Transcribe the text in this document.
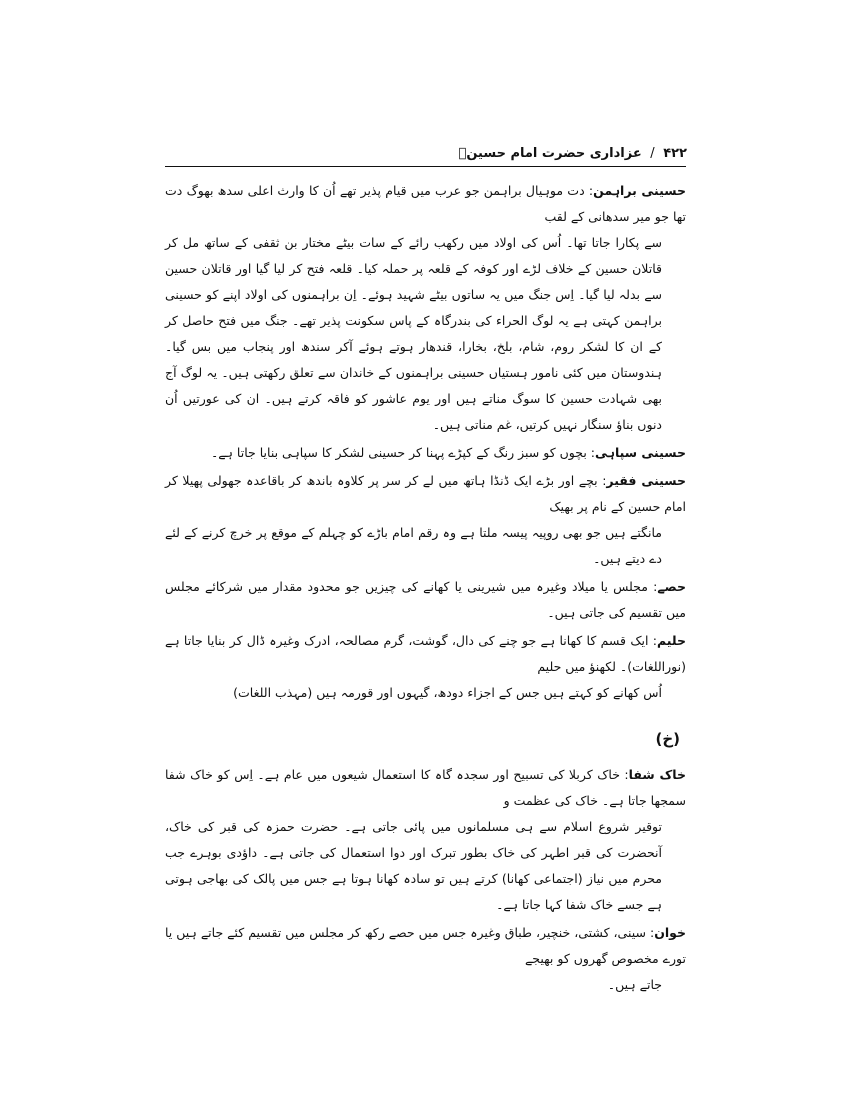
۴۲۲ / عزاداری حضرت امام حسینؑ
حسینی براہمن: دت موہیال براہمن جو عرب میں قیام پذیر تھے اُن کا وارث اعلی سدھ بھوگ دت تھا جو میر سدھانی کے لقب
سے پکارا جاتا تھا۔ اُس کی اولاد میں رکھب رائے کے سات بیٹے مختار بن ثقفی کے ساتھ مل کر قاتلان حسین کے خلاف لڑے اور کوفہ کے قلعہ پر حملہ کیا۔ قلعہ فتح کر لیا گیا اور قاتلان حسین سے بدلہ لیا گیا۔ اِس جنگ میں یہ ساتوں بیٹے شہید ہوئے۔ اِن براہمنوں کی اولاد اپنے کو حسینی براہمن کہتی ہے یہ لوگ الحراء کی بندرگاہ کے پاس سکونت پذیر تھے۔ جنگ میں فتح حاصل کر کے ان کا لشکر روم، شام، بلخ، بخارا، قندھار ہوتے ہوئے آکر سندھ اور پنجاب میں بس گیا۔ ہندوستان میں کئی نامور ہستیاں حسینی براہمنوں کے خاندان سے تعلق رکھتی ہیں۔ یہ لوگ آج بھی شہادت حسین کا سوگ مناتے ہیں اور یوم عاشور کو فاقہ کرتے ہیں۔ ان کی عورتیں اُن دنوں بناؤ سنگار نہیں کرتیں، غم مناتی ہیں۔
حسینی سپاہی: بچوں کو سبز رنگ کے کپڑے پہنا کر حسینی لشکر کا سپاہی بنایا جاتا ہے۔
حسینی فقیر: بچے اور بڑے ایک ڈنڈا ہاتھ میں لے کر سر پر کلاوہ باندھ کر باقاعدہ جھولی پھیلا کر امام حسین کے نام پر بھیک
مانگتے ہیں جو بھی روپیہ پیسہ ملتا ہے وہ رقم امام باڑے کو چہلم کے موقع پر خرچ کرنے کے لئے دے دیتے ہیں۔
حصے: مجلس یا میلاد وغیرہ میں شیرینی یا کھانے کی چیزیں جو محدود مقدار میں شرکائے مجلس میں تقسیم کی جاتی ہیں۔
حلیم: ایک قسم کا کھانا ہے جو چنے کی دال، گوشت، گرم مصالحہ، ادرک وغیرہ ڈال کر بنایا جاتا ہے (نوراللغات)۔ لکھنؤ میں حلیم
اُس کھانے کو کہتے ہیں جس کے اجزاء دودھ، گیہوں اور قورمہ ہیں (مہذب اللغات)
(خ)
خاک شفا: خاک کربلا کی تسبیح اور سجدہ گاہ کا استعمال شیعوں میں عام ہے۔ اِس کو خاک شفا سمجھا جاتا ہے۔ خاک کی عظمت و
توقیر شروع اسلام سے ہی مسلمانوں میں پائی جاتی ہے۔ حضرت حمزہ کی قبر کی خاک، آنحضرت کی قبر اطہر کی خاک بطور تبرک اور دوا استعمال کی جاتی ہے۔ داؤدی بوہرے جب محرم میں نیاز (اجتماعی کھانا) کرتے ہیں تو سادہ کھانا ہوتا ہے جس میں پالک کی بھاجی ہوتی ہے جسے خاک شفا کہا جاتا ہے۔
خوان: سینی، کشتی، خنچیر، طباق وغیرہ جس میں حصے رکھ کر مجلس میں تقسیم کئے جاتے ہیں یا تورے مخصوص گھروں کو بھیجے
جاتے ہیں۔
